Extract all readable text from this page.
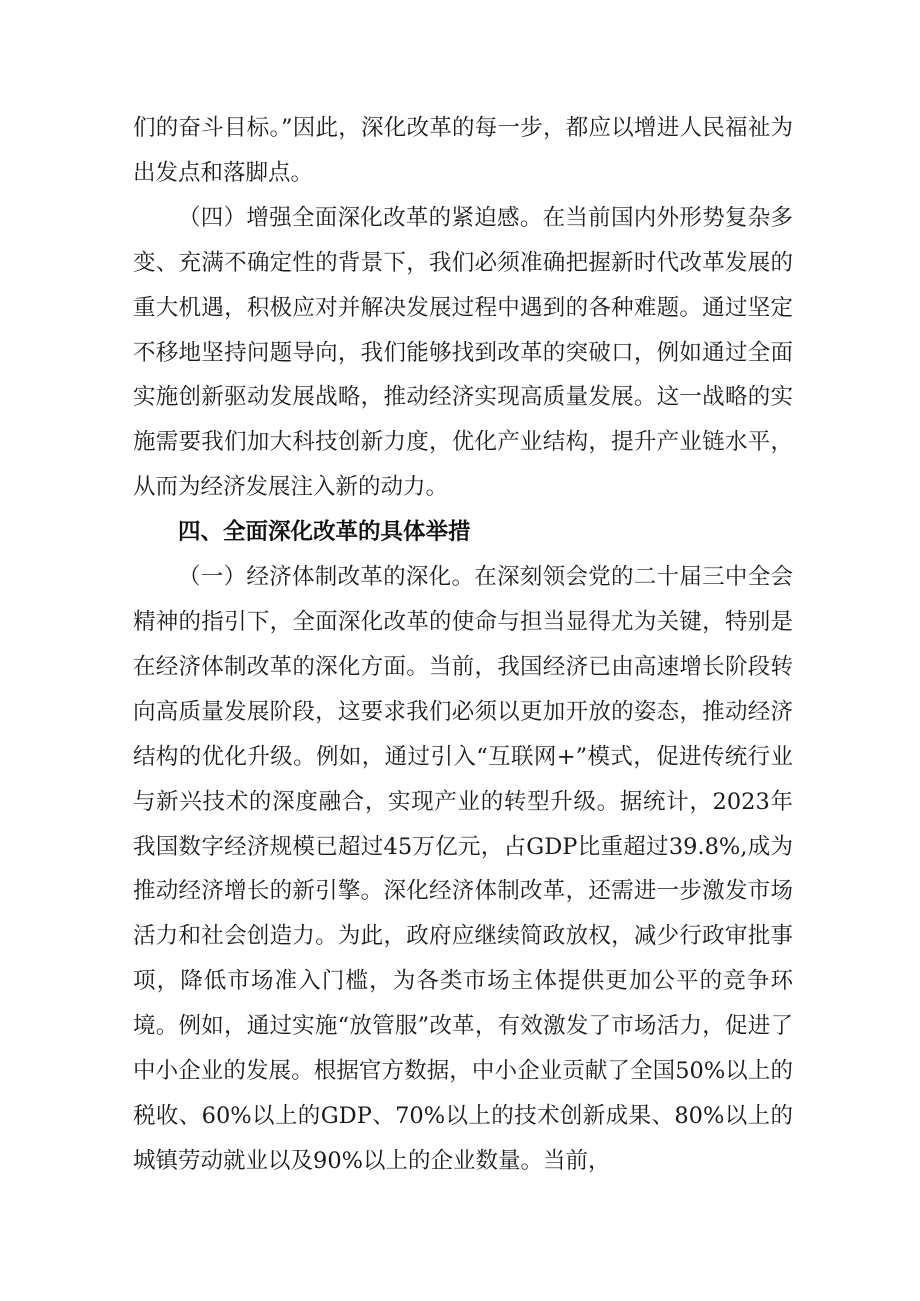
们的奋斗目标。”因此，深化改革的每一步，都应以增进人民福祉为出发点和落脚点。

（四）增强全面深化改革的紧迫感。在当前国内外形势复杂多变、充满不确定性的背景下，我们必须准确把握新时代改革发展的重大机遇，积极应对并解决发展过程中遇到的各种难题。通过坚定不移地坚持问题导向，我们能够找到改革的突破口，例如通过全面实施创新驱动发展战略，推动经济实现高质量发展。这一战略的实施需要我们加大科技创新力度，优化产业结构，提升产业链水平，从而为经济发展注入新的动力。

四、全面深化改革的具体举措

（一）经济体制改革的深化。在深刻领会党的二十届三中全会精神的指引下，全面深化改革的使命与担当显得尤为关键，特别是在经济体制改革的深化方面。当前，我国经济已由高速增长阶段转向高质量发展阶段，这要求我们必须以更加开放的姿态，推动经济结构的优化升级。例如，通过引入“互联网+”模式，促进传统行业与新兴技术的深度融合，实现产业的转型升级。据统计，2023年我国数字经济规模已超过45万亿元，占GDP比重超过39.8%,成为推动经济增长的新引擎。深化经济体制改革，还需进一步激发市场活力和社会创造力。为此，政府应继续简政放权，减少行政审批事项，降低市场准入门槛，为各类市场主体提供更加公平的竞争环境。例如，通过实施“放管服”改革，有效激发了市场活力，促进了中小企业的发展。根据官方数据，中小企业贡献了全国50%以上的税收、60%以上的GDP、70%以上的技术创新成果、80%以上的城镇劳动就业以及90%以上的企业数量。当前，
